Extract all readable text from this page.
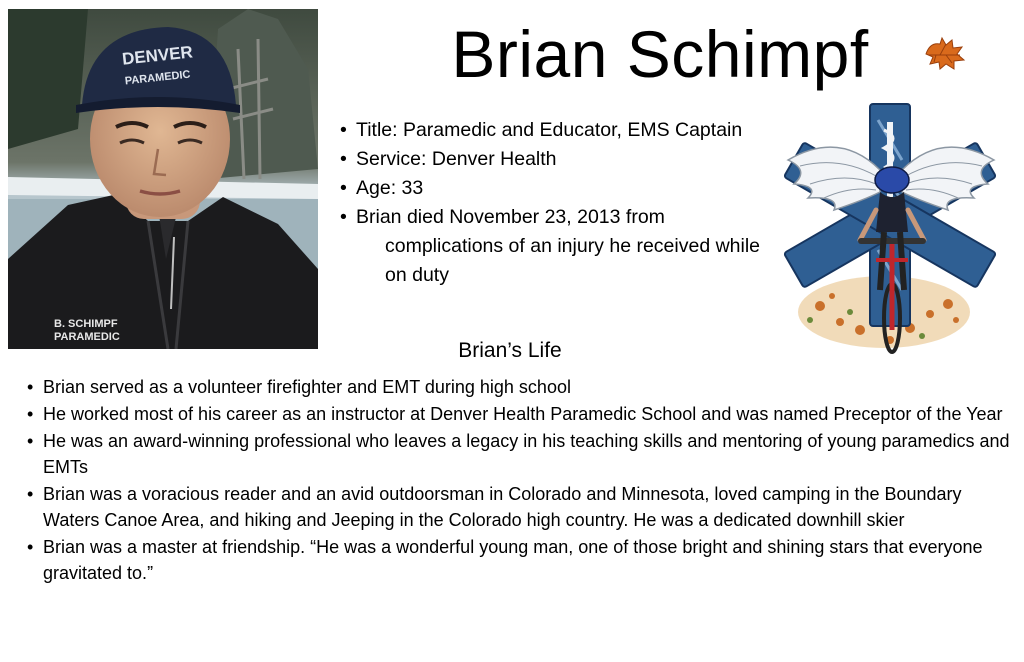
DENVER
PARAMEDIC
B. SCHIMPF
PARAMEDIC
Brian Schimpf
• Title: Paramedic and Educator, EMS Captain
• Service: Denver Health
• Age: 33
• Brian died November 23, 2013 from
complications of an injury he received while on duty
Brian’s Life
• Brian served as a volunteer firefighter and EMT during high school
• He worked most of his career as an instructor at Denver Health Paramedic School and was named Preceptor of the Year
• He was an award-winning professional who leaves a legacy in his teaching skills and mentoring of young paramedics and EMTs
• Brian was a voracious reader and an avid outdoorsman in Colorado and Minnesota, loved camping in the Boundary Waters Canoe Area, and hiking and Jeeping in the Colorado high country. He was a dedicated downhill skier
• Brian was a master at friendship. “He was a wonderful young man, one of those bright and shining stars that everyone gravitated to.”
